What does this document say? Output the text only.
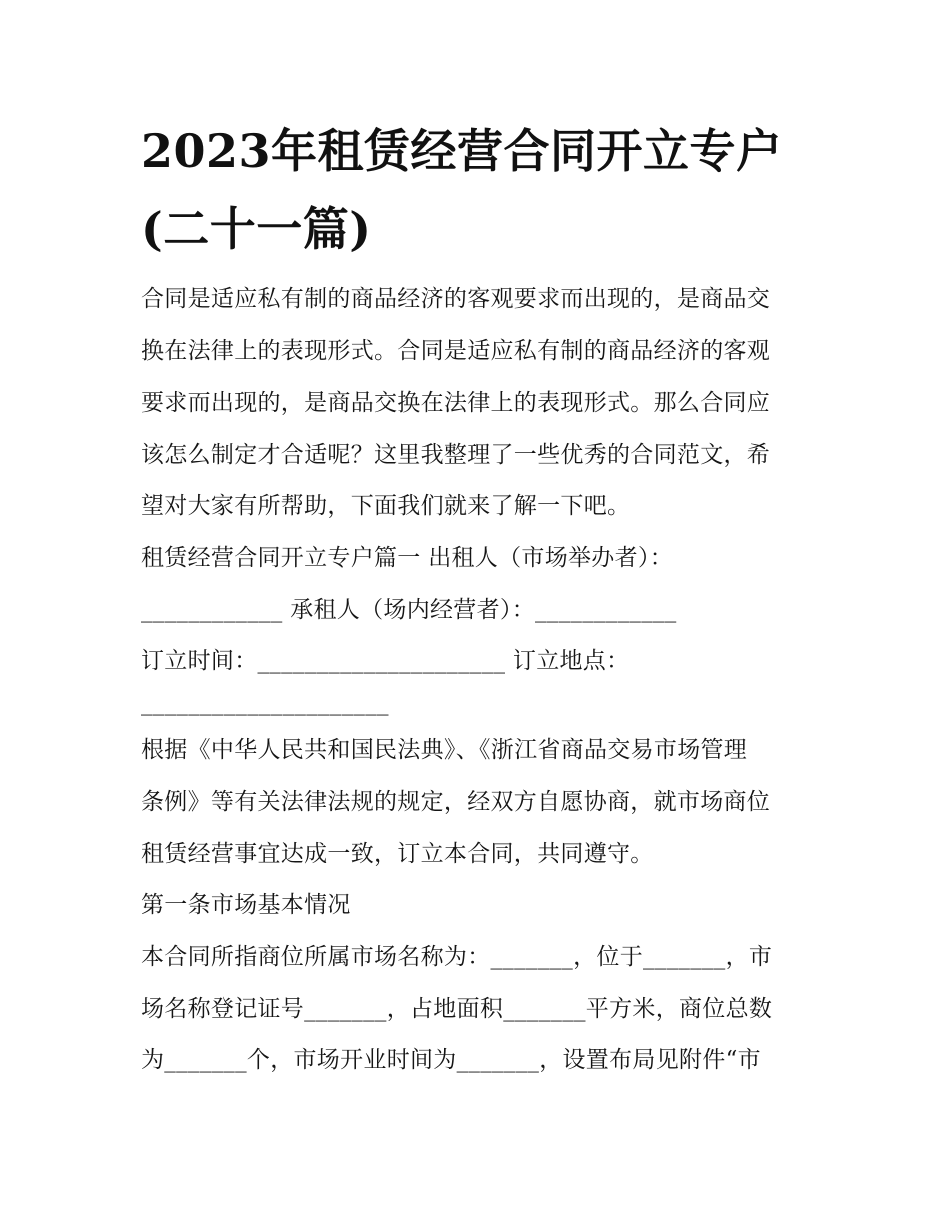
2023年租赁经营合同开立专户
(二十一篇)
合同是适应私有制的商品经济的客观要求而出现的，是商品交
换在法律上的表现形式。合同是适应私有制的商品经济的客观
要求而出现的，是商品交换在法律上的表现形式。那么合同应
该怎么制定才合适呢？这里我整理了一些优秀的合同范文，希
望对大家有所帮助，下面我们就来了解一下吧。
租赁经营合同开立专户篇一 出租人（市场举办者）：
____________ 承租人（场内经营者）：____________
订立时间：_____________________ 订立地点：
_____________________
根据《中华人民共和国民法典》、《浙江省商品交易市场管理
条例》等有关法律法规的规定，经双方自愿协商，就市场商位
租赁经营事宜达成一致，订立本合同，共同遵守。
第一条市场基本情况
本合同所指商位所属市场名称为：_______，位于_______，市
场名称登记证号_______，占地面积_______平方米，商位总数
为_______个，市场开业时间为_______，设置布局见附件“市
